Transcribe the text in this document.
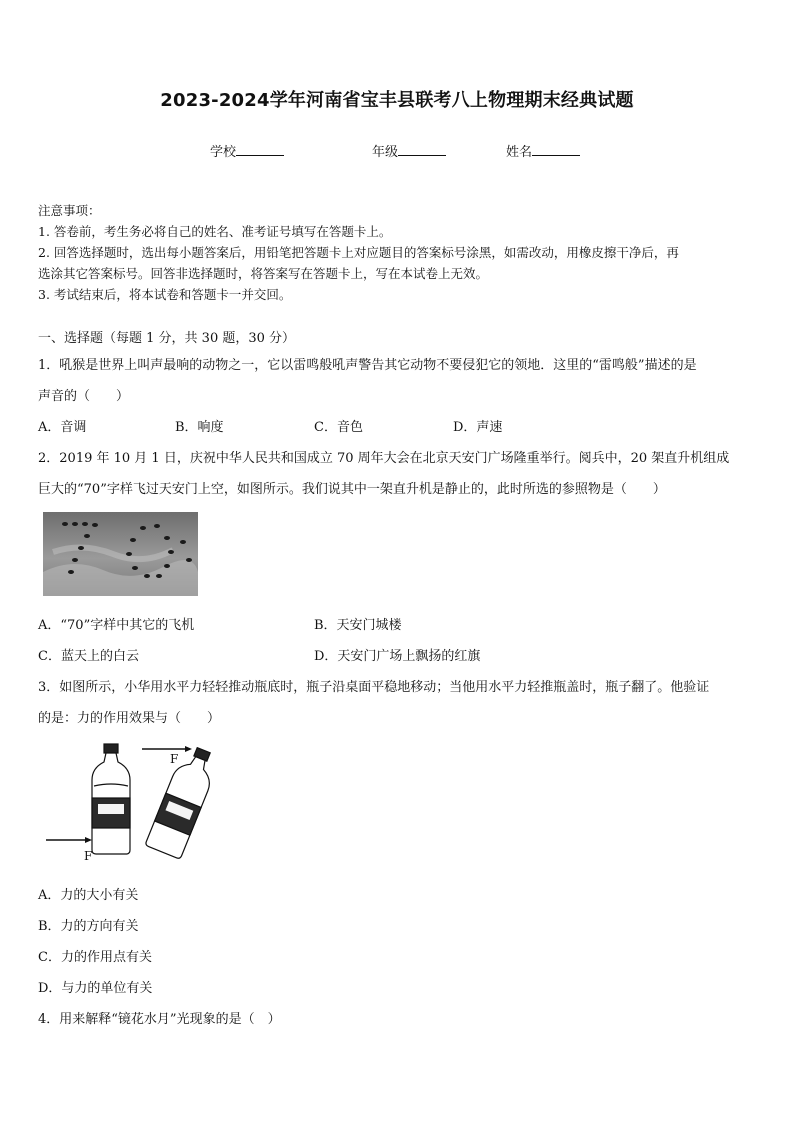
2023-2024学年河南省宝丰县联考八上物理期末经典试题
学校	年级	姓名
注意事项：
1. 答卷前，考生务必将自己的姓名、准考证号填写在答题卡上。
2. 回答选择题时，选出每小题答案后，用铅笔把答题卡上对应题目的答案标号涂黑，如需改动，用橡皮擦干净后，再
选涂其它答案标号。回答非选择题时，将答案写在答题卡上，写在本试卷上无效。
3. 考试结束后，将本试卷和答题卡一并交回。
一、选择题（每题 1 分，共 30 题，30 分）
1．吼猴是世界上叫声最响的动物之一，它以雷鸣般吼声警告其它动物不要侵犯它的领地．这里的“雷鸣般”描述的是
声音的（　　）
A．音调	B．响度	C．音色	D．声速
2．2019 年 10 月 1 日，庆祝中华人民共和国成立 70 周年大会在北京天安门广场隆重举行。阅兵中，20 架直升机组成
巨大的“70”字样飞过天安门上空，如图所示。我们说其中一架直升机是静止的，此时所选的参照物是（　　）
A．“70”字样中其它的飞机	B．天安门城楼
C．蓝天上的白云	D．天安门广场上飘扬的红旗
3．如图所示，小华用水平力轻轻推动瓶底时，瓶子沿桌面平稳地移动；当他用水平力轻推瓶盖时，瓶子翻了。他验证
的是：力的作用效果与（　　）
F
F
A．力的大小有关
B．力的方向有关
C．力的作用点有关
D．与力的单位有关
4．用来解释“镜花水月”光现象的是（　）
